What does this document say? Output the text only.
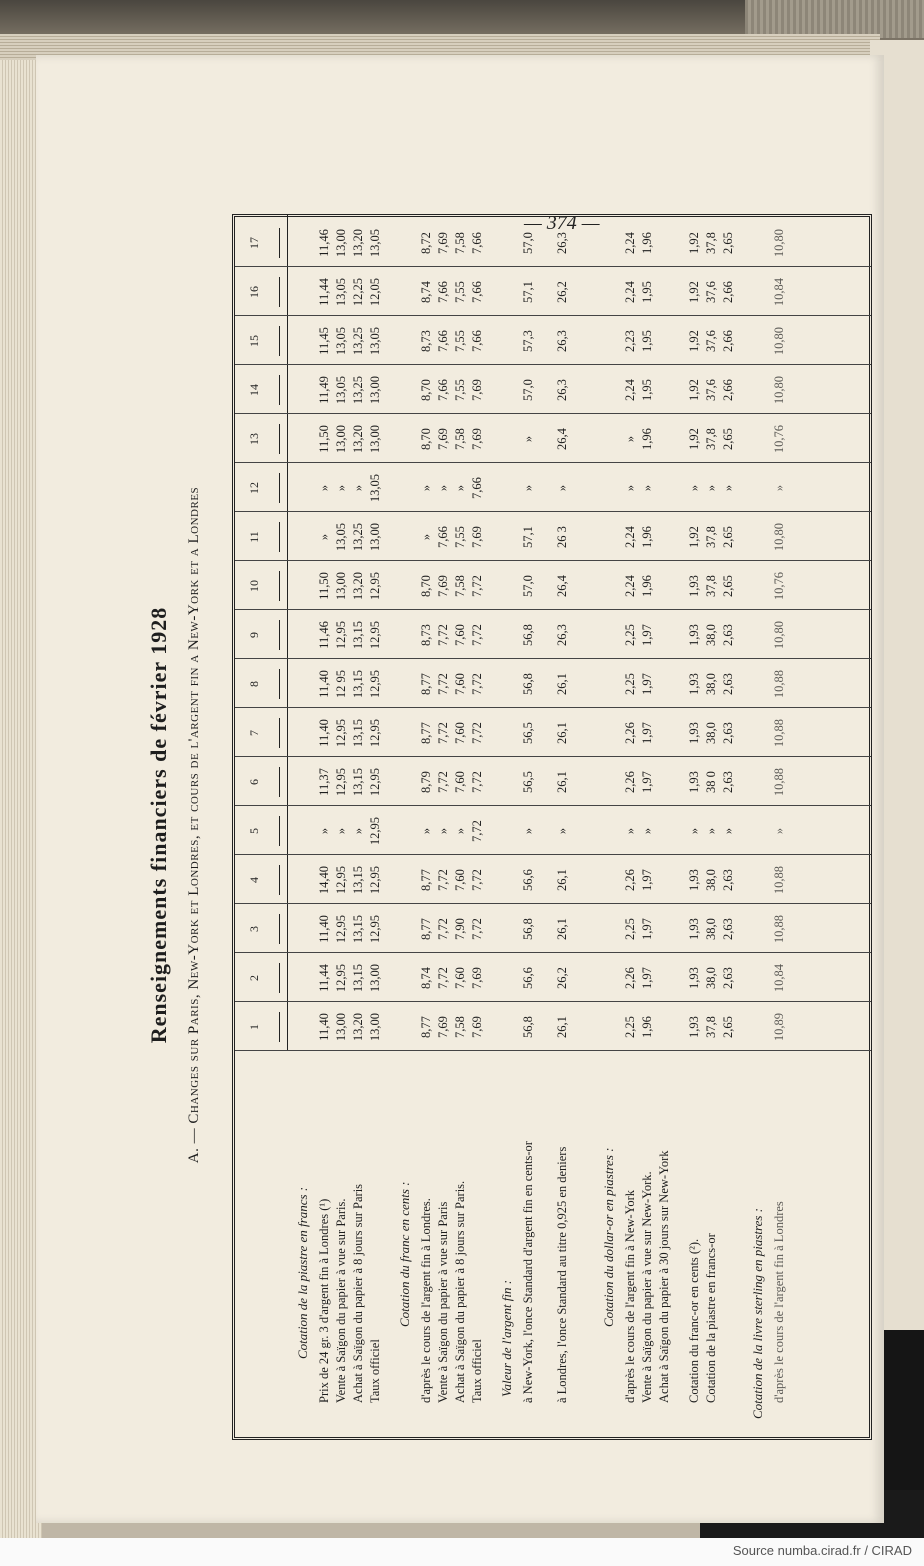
— 374 —
Renseignements financiers de février 1928 A. — Changes sur Paris, New-York et Londres, et cours de l'argent fin a New-York et a Londres	1
2
3
4
5
6
7
8
9
10
11
12
13
14
15
16
17
Cotation de la piastre en francs : Prix de 24 gr. 3 d'argent fin à Londres (¹)
11,40
11,44
11,40
14,40
»
11,37
11,40
11,40
11,46
11,50
»
»
11,50
11,49
11,45
11,44
11,46
Vente à Saïgon du papier à vue sur Paris.
13,00
12,95
12,95
12,95
»
12,95
12,95
12 95
12,95
13,00
13,05
»
13,00
13,05
13,05
13,05
13,00
Achat à Saïgon du papier à 8 jours sur Paris
13,20
13,15
13,15
13,15
»
13,15
13,15
13,15
13,15
13,20
13,25
»
13,20
13,25
13,25
12,25
13,20
Taux officiel
13,00
13,00
12,95
12,95
12,95
12,95
12,95
12,95
12,95
12,95
13,00
13,05
13,00
13,00
13,05
12,05
13,05
Cotation du franc en cents : d'après le cours de l'argent fin à Londres.
8,77
8,74
8,77
8,77
»
8,79
8,77
8,77
8,73
8,70
»
»
8,70
8,70
8,73
8,74
8,72
Vente à Saïgon du papier à vue sur Paris
7,69
7,72
7,72
7,72
»
7,72
7,72
7,72
7,72
7,69
7,66
»
7,69
7,66
7,66
7,66
7,69
Achat à Saïgon du papier à 8 jours sur Paris.
7,58
7,60
7,90
7,60
»
7,60
7,60
7,60
7,60
7,58
7,55
»
7,58
7,55
7,55
7,55
7,58
Taux officiel
7,69
7,69
7,72
7,72
7,72
7,72
7,72
7,72
7,72
7,72
7,69
7,66
7,69
7,69
7,66
7,66
7,66
Valeur de l'argent fin : à New-York, l'once Standard d'argent fin en cents-or
56,8
56,6
56,8
56,6
»
56,5
56,5
56,8
56,8
57,0
57,1
»
»
57,0
57,3
57,1
57,0
à Londres, l'once Standard au titre 0,925 en deniers
26,1
26,2
26,1
26,1
»
26,1
26,1
26,1
26,3
26,4
26 3
»
26,4
26,3
26,3
26,2
26,3
Cotation du dollar-or en piastres : d'après le cours de l'argent fin à New-York
2,25
2,26
2,25
2,26
»
2,26
2,26
2,25
2,25
2,24
2,24
»
»
2,24
2,23
2,24
2,24
Vente à Saïgon du papier à vue sur New-York.
1,96
1,97
1,97
1,97
»
1,97
1,97
1,97
1,97
1,96
1,96
»
1,96
1,95
1,95
1,95
1,96
Achat à Saïgon du papier à 30 jours sur New-York Cotation du franc-or en cents (²).
1,93
1,93
1,93
1,93
»
1,93
1,93
1,93
1,93
1,93
1,92
»
1,92
1,92
1,92
1,92
1,92
Cotation de la piastre en francs-or
37,8
38,0
38,0
38,0
»
38 0
38,0
38,0
38,0
37,8
37,8
»
37,8
37,6
37,6
37,6
37,8
2,65
2,63
2,63
2,63
»
2,63
2,63
2,63
2,63
2,65
2,65
»
2,65
2,66
2,66
2,66
2,65
Cotation de la livre sterling en piastres : d'après le cours de l'argent fin à Londres
10,89
10,84
10,88
10,88
»
10,88
10,88
10,88
10,80
10,76
10,80
»
10,76
10,80
10,80
10,84
10,80
Source numba.cirad.fr / CIRAD
